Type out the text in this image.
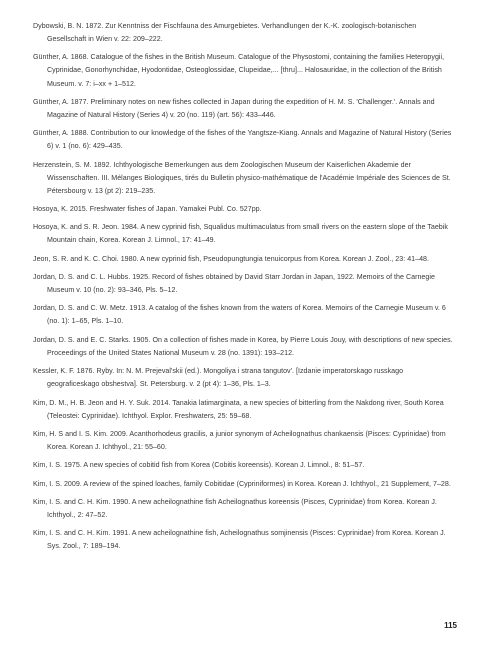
Dybowski, B. N. 1872. Zur Kenntniss der Fischfauna des Amurgebietes. Verhandlungen der K.-K. zoologisch-botanischen Gesellschaft in Wien v. 22: 209–222.
Günther, A. 1868. Catalogue of the fishes in the British Museum. Catalogue of the Physostomi, containing the families Heteropygii, Cyprinidae, Gonorhynchidae, Hyodontidae, Osteoglossidae, Clupeidae,... [thru]... Halosauridae, in the collection of the British Museum. v. 7: i–xx + 1–512.
Günther, A. 1877. Preliminary notes on new fishes collected in Japan during the expedition of H. M. S. 'Challenger.'. Annals and Magazine of Natural History (Series 4) v. 20 (no. 119) (art. 56): 433–446.
Günther, A. 1888. Contribution to our knowledge of the fishes of the Yangtsze-Kiang. Annals and Magazine of Natural History (Series 6) v. 1 (no. 6): 429–435.
Herzenstein, S. M. 1892. Ichthyologische Bemerkungen aus dem Zoologischen Museum der Kaiserlichen Akademie der Wissenschaften. III. Mélanges Biologiques, tirés du Bulletin physico-mathématique de l'Académie Impériale des Sciences de St. Pétersbourg v. 13 (pt 2): 219–235.
Hosoya, K. 2015. Freshwater fishes of Japan. Yamakei Publ. Co. 527pp.
Hosoya, K. and S. R. Jeon. 1984. A new cyprinid fish, Squalidus multimaculatus from small rivers on the eastern slope of the Taebik Mountain chain, Korea. Korean J. Limnol., 17: 41–49.
Jeon, S. R. and K. C. Choi. 1980. A new cyprinid fish, Pseudopungtungia tenuicorpus from Korea. Korean J. Zool., 23: 41–48.
Jordan, D. S. and C. L. Hubbs. 1925. Record of fishes obtained by David Starr Jordan in Japan, 1922. Memoirs of the Carnegie Museum v. 10 (no. 2): 93–346, Pls. 5–12.
Jordan, D. S. and C. W. Metz. 1913. A catalog of the fishes known from the waters of Korea. Memoirs of the Carnegie Museum v. 6 (no. 1): 1–65, Pls. 1–10.
Jordan, D. S. and E. C. Starks. 1905. On a collection of fishes made in Korea, by Pierre Louis Jouy, with descriptions of new species. Proceedings of the United States National Museum v. 28 (no. 1391): 193–212.
Kessler, K. F. 1876. Ryby. In: N. M. Prejeval'skii (ed.). Mongoliya i strana tangutov'. [Izdanie imperatorskago russkago geograficeskago obshestva]. St. Petersburg. v. 2 (pt 4): 1–36, Pls. 1–3.
Kim, D. M., H. B. Jeon and H. Y. Suk. 2014. Tanakia latimarginata, a new species of bitterling from the Nakdong river, South Korea (Teleostei: Cyprinidae). Ichthyol. Explor. Freshwaters, 25: 59–68.
Kim, H. S and I. S. Kim. 2009. Acanthorhodeus gracilis, a junior synonym of Acheilognathus chankaensis (Pisces: Cyprinidae) from Korea. Korean J. Ichthyol., 21: 55–60.
Kim, I. S. 1975. A new species of cobitid fish from Korea (Cobitis koreensis). Korean J. Limnol., 8: 51–57.
Kim, I. S. 2009. A review of the spined loaches, family Cobitidae (Cypriniformes) in Korea. Korean J. Ichthyol., 21 Supplement, 7–28.
Kim, I. S. and C. H. Kim. 1990. A new acheilognathine fish Acheilognathus koreensis (Pisces, Cyprinidae) from Korea. Korean J. Ichthyol., 2: 47–52.
Kim, I. S. and C. H. Kim. 1991. A new acheilognathine fish, Acheilognathus somjinensis (Pisces: Cyprinidae) from Korea. Korean J. Sys. Zool., 7: 189–194.
115
